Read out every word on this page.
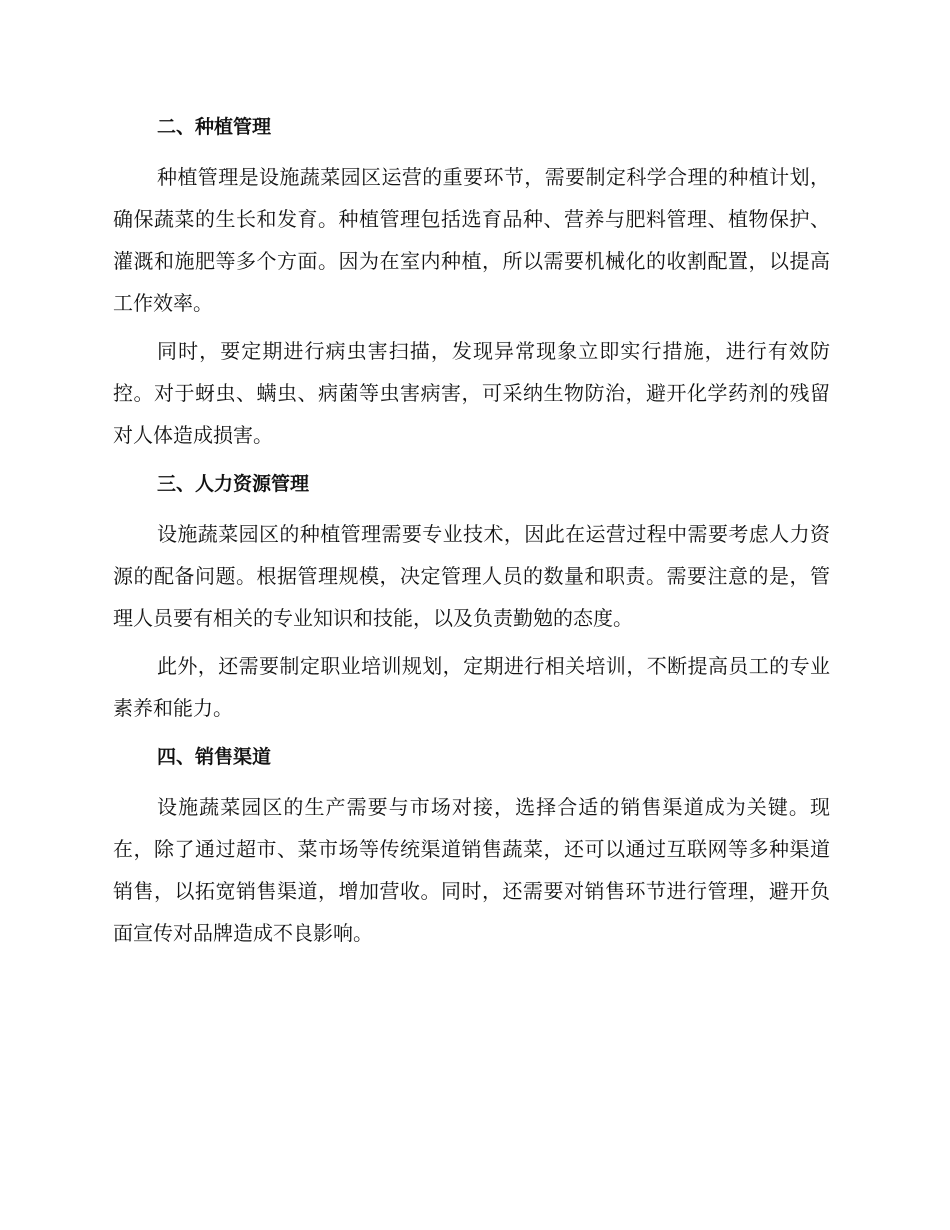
二、种植管理

种植管理是设施蔬菜园区运营的重要环节，需要制定科学合理的种植计划，确保蔬菜的生长和发育。种植管理包括选育品种、营养与肥料管理、植物保护、灌溉和施肥等多个方面。因为在室内种植，所以需要机械化的收割配置，以提高工作效率。

同时，要定期进行病虫害扫描，发现异常现象立即实行措施，进行有效防控。对于蚜虫、螨虫、病菌等虫害病害，可采纳生物防治，避开化学药剂的残留对人体造成损害。

三、人力资源管理

设施蔬菜园区的种植管理需要专业技术，因此在运营过程中需要考虑人力资源的配备问题。根据管理规模，决定管理人员的数量和职责。需要注意的是，管理人员要有相关的专业知识和技能，以及负责勤勉的态度。

此外，还需要制定职业培训规划，定期进行相关培训，不断提高员工的专业素养和能力。

四、销售渠道

设施蔬菜园区的生产需要与市场对接，选择合适的销售渠道成为关键。现在，除了通过超市、菜市场等传统渠道销售蔬菜，还可以通过互联网等多种渠道销售，以拓宽销售渠道，增加营收。同时，还需要对销售环节进行管理，避开负面宣传对品牌造成不良影响。
